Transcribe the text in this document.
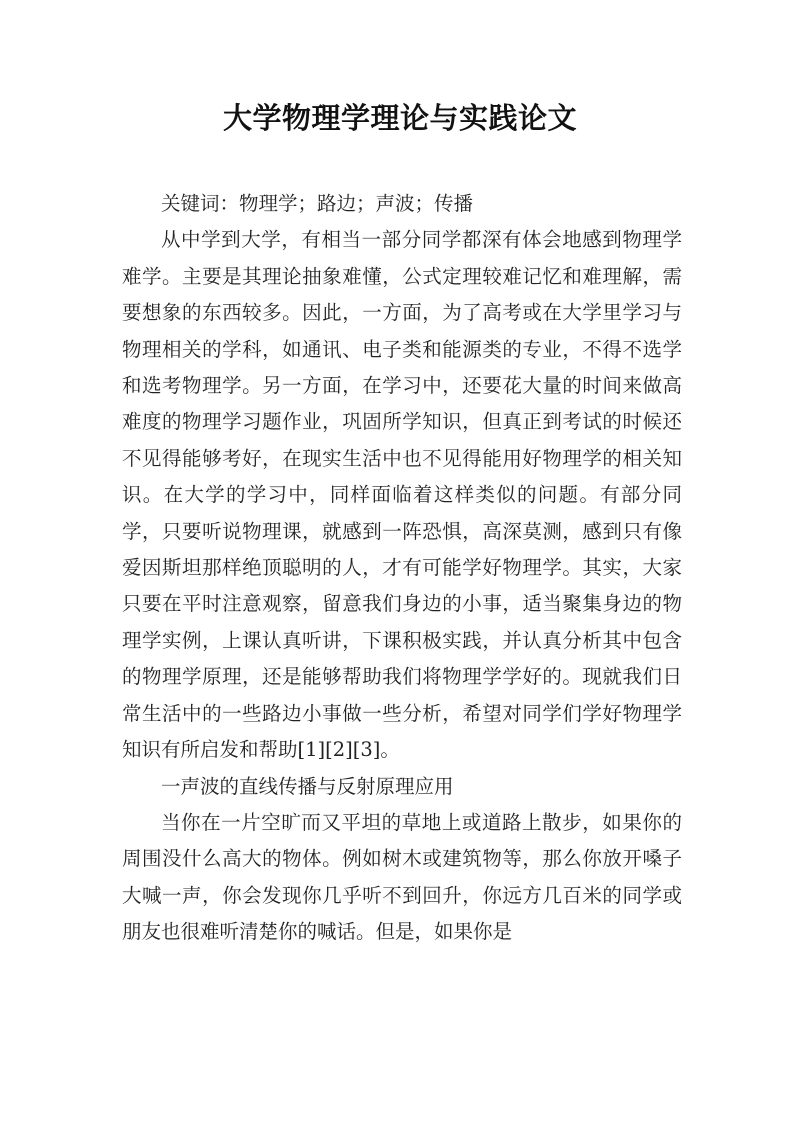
大学物理学理论与实践论文

关键词：物理学；路边；声波；传播

从中学到大学，有相当一部分同学都深有体会地感到物理学难学。主要是其理论抽象难懂，公式定理较难记忆和难理解，需要想象的东西较多。因此，一方面，为了高考或在大学里学习与物理相关的学科，如通讯、电子类和能源类的专业，不得不选学和选考物理学。另一方面，在学习中，还要花大量的时间来做高难度的物理学习题作业，巩固所学知识，但真正到考试的时候还不见得能够考好，在现实生活中也不见得能用好物理学的相关知识。在大学的学习中，同样面临着这样类似的问题。有部分同学，只要听说物理课，就感到一阵恐惧，高深莫测，感到只有像爱因斯坦那样绝顶聪明的人，才有可能学好物理学。其实，大家只要在平时注意观察，留意我们身边的小事，适当聚集身边的物理学实例，上课认真听讲，下课积极实践，并认真分析其中包含的物理学原理，还是能够帮助我们将物理学学好的。现就我们日常生活中的一些路边小事做一些分析，希望对同学们学好物理学知识有所启发和帮助[1][2][3]。

一声波的直线传播与反射原理应用

当你在一片空旷而又平坦的草地上或道路上散步，如果你的周围没什么高大的物体。例如树木或建筑物等，那么你放开嗓子大喊一声，你会发现你几乎听不到回升，你远方几百米的同学或朋友也很难听清楚你的喊话。但是，如果你是
